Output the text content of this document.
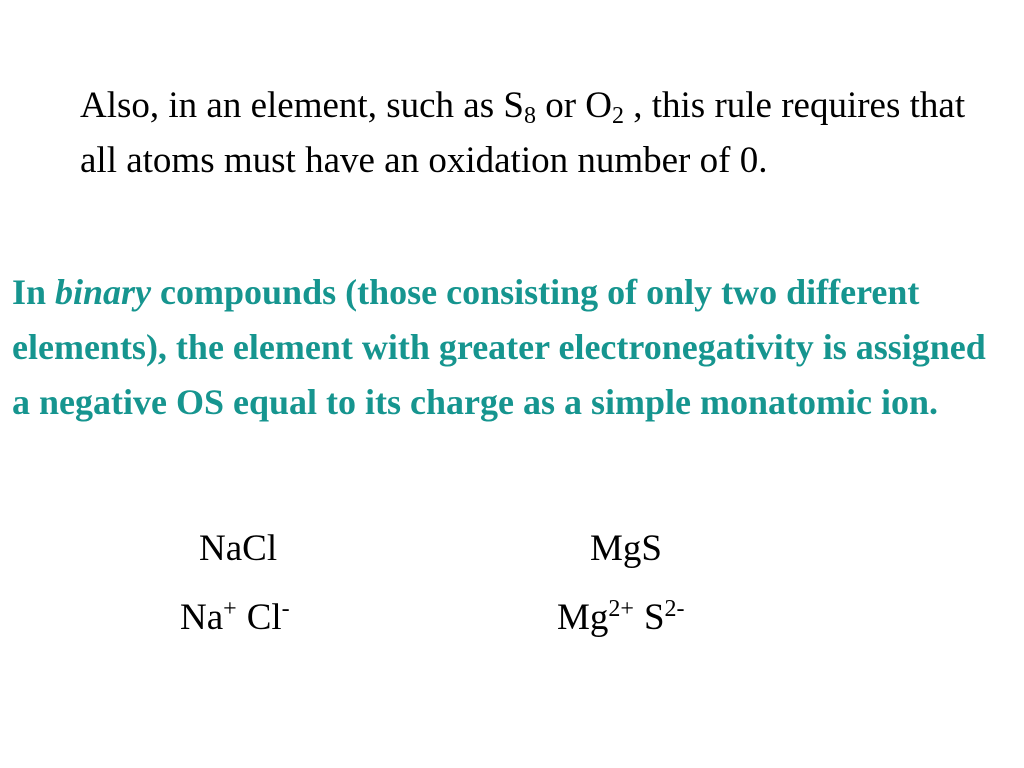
Also, in an element, such as $S_8$ or $O_2$ , this rule requires that all atoms must have an oxidation number of 0.

In binary compounds (those consisting of only two different elements), the element with greater electronegativity is assigned a negative OS equal to its charge as a simple monatomic ion.

NaCl	MgS
Na+ Cl-	$Mg^{2+}$ $S^{2-}$
